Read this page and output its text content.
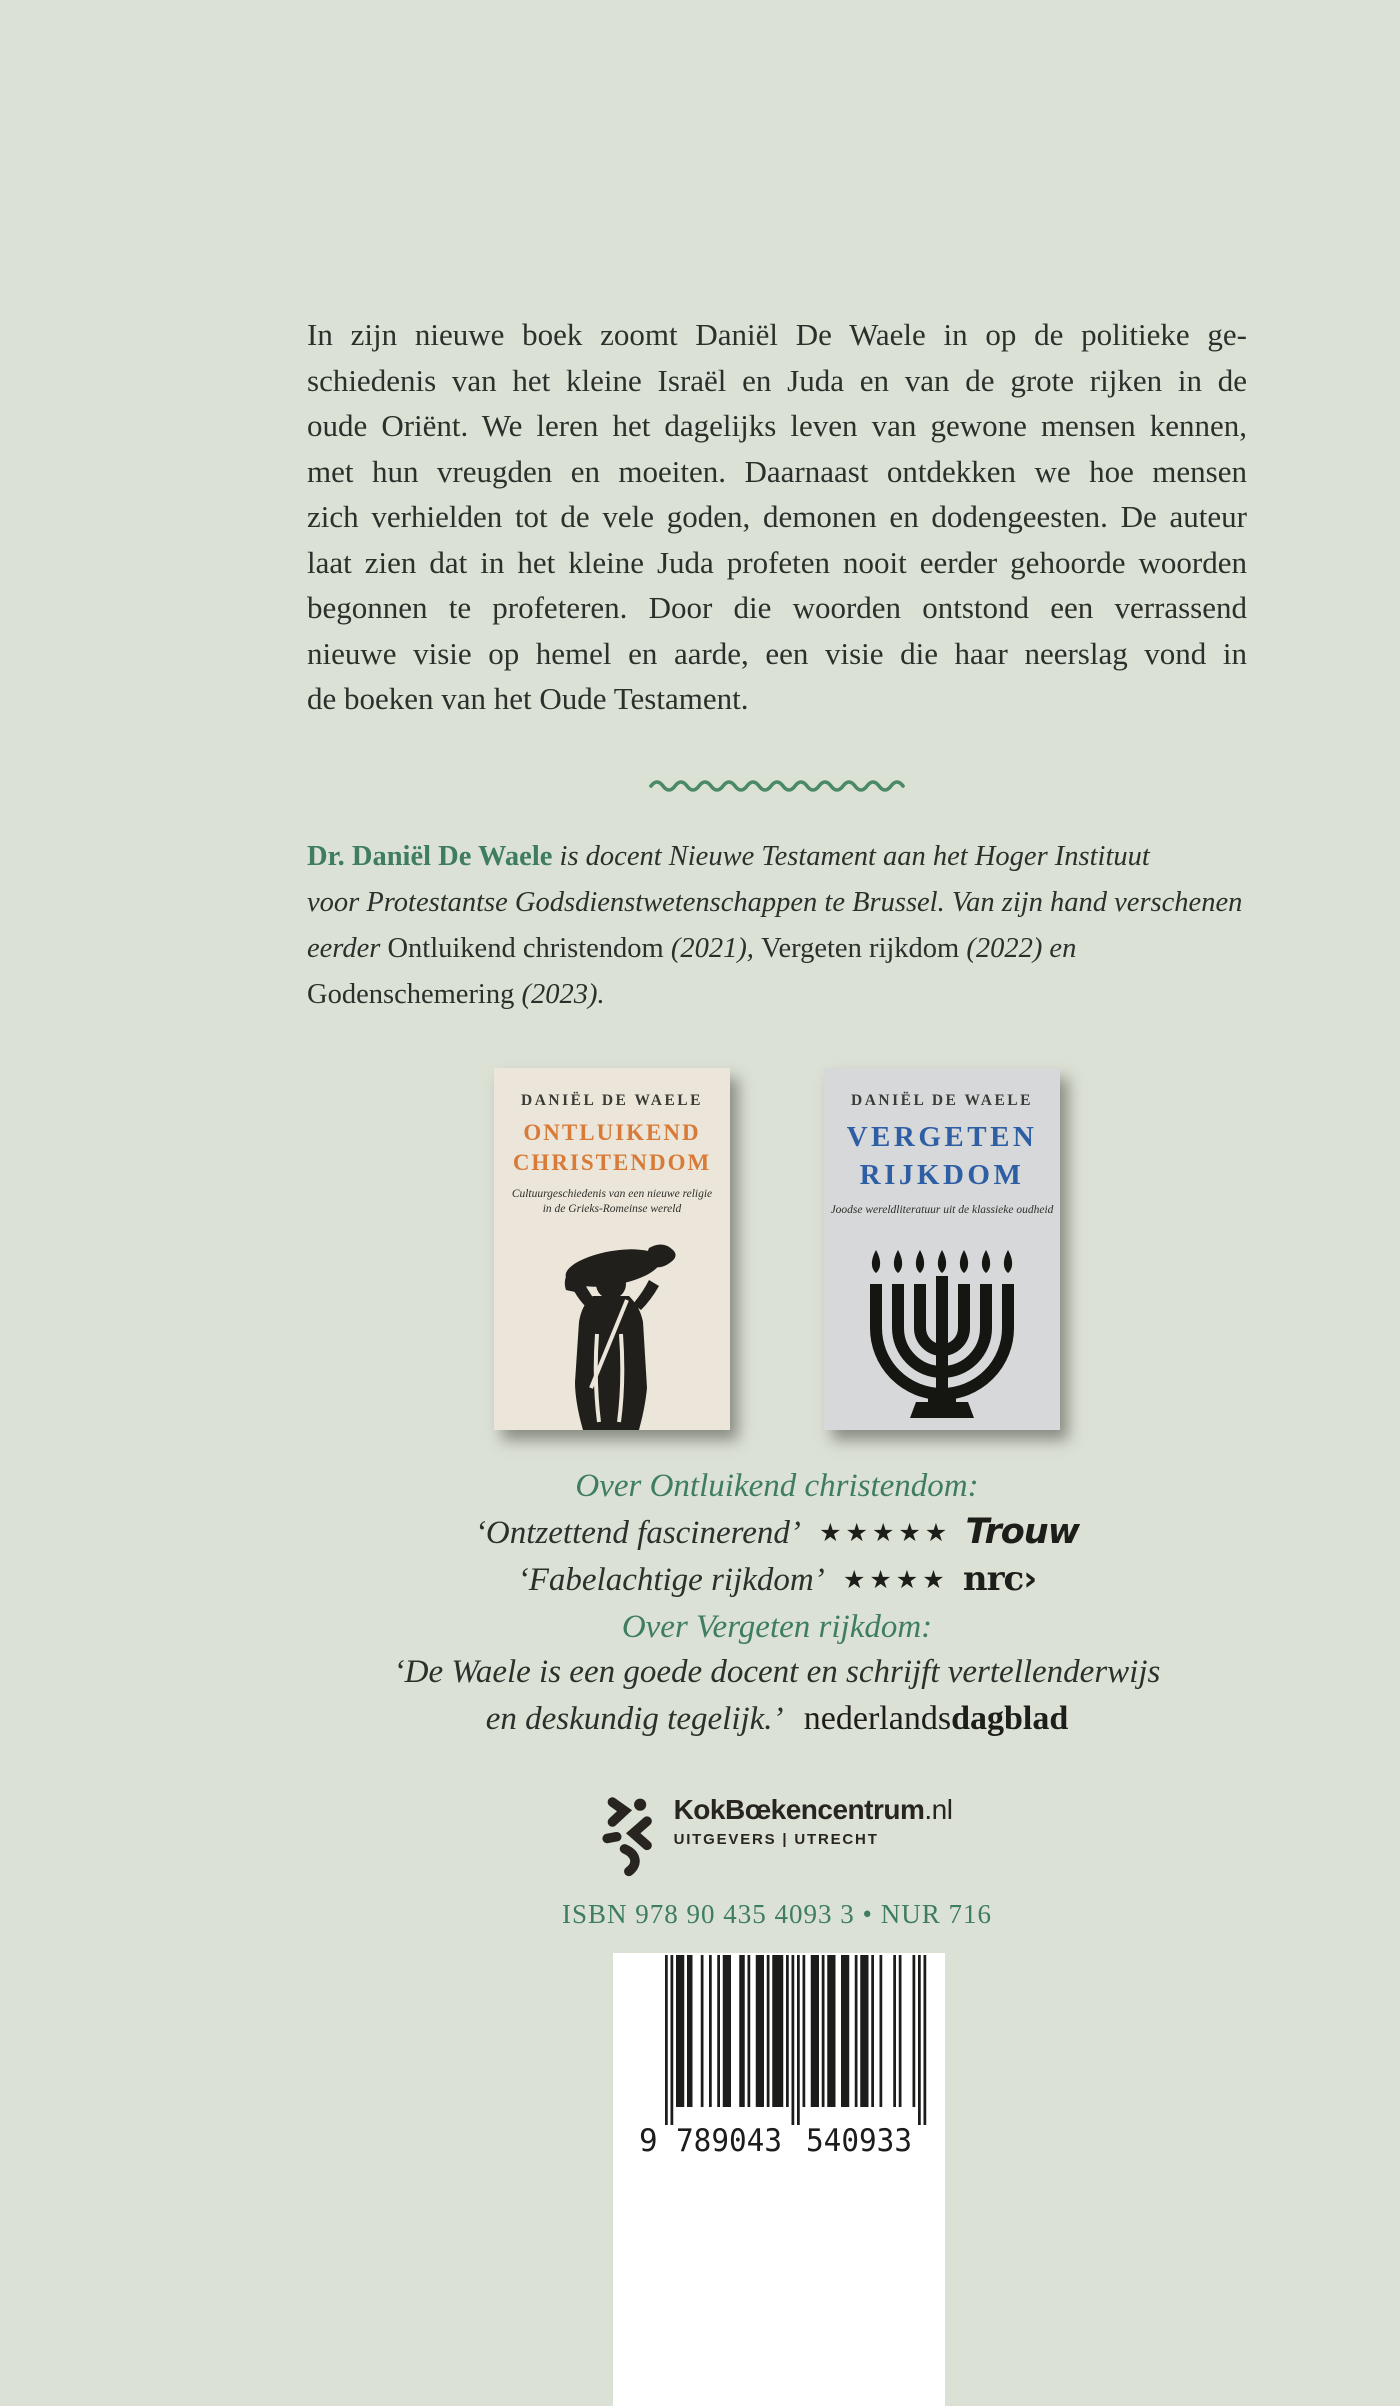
In zijn nieuwe boek zoomt Daniël De Waele in op de politieke ge-
schiedenis van het kleine Israël en Juda en van de grote rijken in de
oude Oriënt. We leren het dagelijks leven van gewone mensen kennen,
met hun vreugden en moeiten. Daarnaast ontdekken we hoe mensen
zich verhielden tot de vele goden, demonen en dodengeesten. De auteur
laat zien dat in het kleine Juda profeten nooit eerder gehoorde woorden
begonnen te profeteren. Door die woorden ontstond een verrassend
nieuwe visie op hemel en aarde, een visie die haar neerslag vond in
de boeken van het Oude Testament.
Dr. Daniël De Waele is docent Nieuwe Testament aan het Hoger Instituut
voor Protestantse Godsdienstwetenschappen te Brussel. Van zijn hand verschenen
eerder Ontluikend christendom (2021), Vergeten rijkdom (2022) en
Godenschemering (2023).
DANIËL DE WAELE
ONTLUIKEND
CHRISTENDOM
Cultuurgeschiedenis van een nieuwe religie
in de Grieks-Romeinse wereld
DANIËL DE WAELE
VERGETEN
RIJKDOM
Joodse wereldliteratuur uit de klassieke oudheid
Over Ontluikend christendom:
‘Ontzettend fascinerend’ ★★★★★ Trouw
‘Fabelachtige rijkdom’ ★★★★ nrc›
Over Vergeten rijkdom:
‘De Waele is een goede docent en schrijft vertellenderwijs
en deskundig tegelijk.’ nederlandsdagblad
KokBœkencentrum.nl
UITGEVERS | UTRECHT
ISBN 978 90 435 4093 3 • NUR 716
9 789043 540933
